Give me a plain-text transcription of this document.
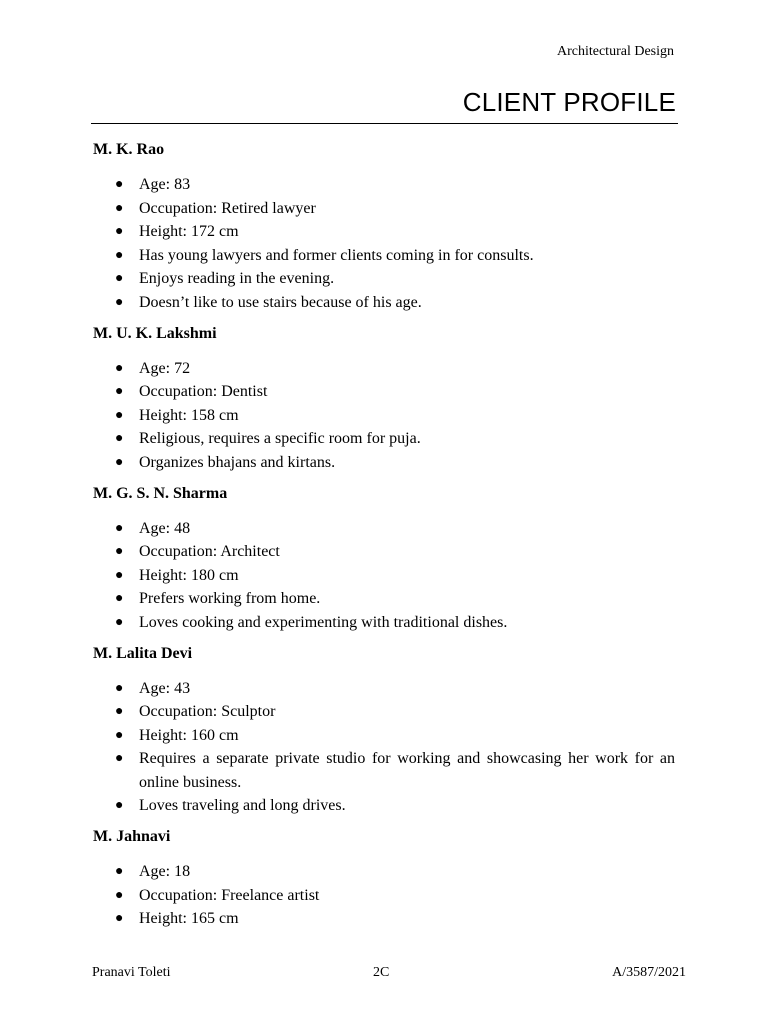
Architectural Design
CLIENT PROFILE
M. K. Rao
● Age: 83
● Occupation: Retired lawyer
● Height: 172 cm
● Has young lawyers and former clients coming in for consults.
● Enjoys reading in the evening.
● Doesn’t like to use stairs because of his age.
M. U. K. Lakshmi
● Age: 72
● Occupation: Dentist
● Height: 158 cm
● Religious, requires a specific room for puja.
● Organizes bhajans and kirtans.
M. G. S. N. Sharma
● Age: 48
● Occupation: Architect
● Height: 180 cm
● Prefers working from home.
● Loves cooking and experimenting with traditional dishes.
M. Lalita Devi
● Age: 43
● Occupation: Sculptor
● Height: 160 cm
● Requires a separate private studio for working and showcasing her work for an online business.
● Loves traveling and long drives.
M. Jahnavi
● Age: 18
● Occupation: Freelance artist
● Height: 165 cm
Pranavi Toleti	2C	A/3587/2021
